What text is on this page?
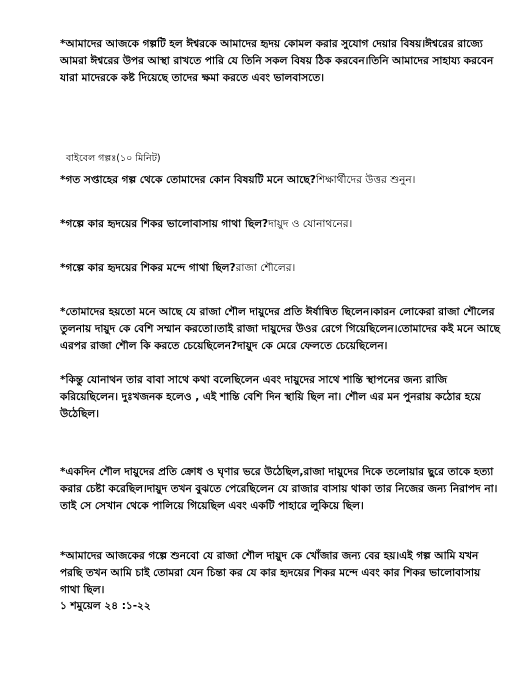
*আমাদের আজকে গল্পটি হল ঈশ্বরকে আমাদের হৃদয় কোমল করার সুযোগ দেয়ার বিষয়।ঈশ্বরের রাজ্যে আমরা ঈশ্বরের উপর আস্থা রাখতে পারি যে তিনি সকল বিষয় ঠিক করবেন।তিনি আমাদের সাহায্য করবেন যারা মাদেরকে কষ্ট দিয়েছে তাদের ক্ষমা করতে এবং ভালবাসতে।

বাইবেল গল্পঃ(১০ মিনিট)

*গত সপ্তাহের গল্প থেকে তোমাদের কোন বিষয়টি মনে আছে?শিক্ষার্থীদের উত্তর শুনুন।

*গল্পে কার হৃদয়ের শিকর ভালোবাসায় গাথা ছিল?দায়ুদ ও যোনাথনের।

*গল্পে কার হৃদয়ের শিকর মন্দে গাথা ছিল?রাজা শৌলের।

*তোমাদের হয়তো মনে আছে যে রাজা শৌল দায়ুদের প্রতি ঈর্ষান্বিত ছিলেন।কারন লোকেরা রাজা শৌলের তুলনায় দায়ুদ কে বেশি সম্মান করতো।তাই রাজা দায়ুদের উওর রেগে গিয়েছিলেন।তোমাদের কই মনে আছে এরপর রাজা শৌল কি করতে চেয়েছিলেন?দায়ুদ কে মেরে ফেলতে চেয়েছিলেন।

*কিন্তু যোনাথন তার বাবা সাথে কথা বলেছিলেন এবং দায়ুদের সাথে শান্তি স্থাপনের জন্য রাজি করিয়েছিলেন। দুঃখজনক হলেও , এই শান্তি বেশি দিন স্থায়ি ছিল না। শৌল এর মন পুনরায় কঠোর হয়ে উঠেছিল।

*একদিন শৌল দায়ুদের প্রতি ক্রোধ ও ঘৃণার ভরে উঠেছিল,রাজা দায়ুদের দিকে তলোয়ার ছুরে তাকে হত্যা করার চেষ্টা করেছিল।দায়ুদ তখন বুঝতে পেরেছিলেন যে রাজার বাসায় থাকা তার নিজের জন্য নিরাপদ না।তাই সে সেখান থেকে পালিয়ে গিয়েছিল এবং একটি পাহারে লুকিয়ে ছিল।

*আমাদের আজকের গল্পে শুনবো যে রাজা শৌল দায়ুদ কে খোঁজার জন্য বের হয়।এই গল্প আমি যখন পরছি তখন আমি চাই তোমরা যেন চিন্তা কর যে কার হৃদয়ের শিকর মন্দে এবং কার শিকর ভালোবাসায় গাথা ছিল।

১ শমুয়েল ২৪ :১-২২
